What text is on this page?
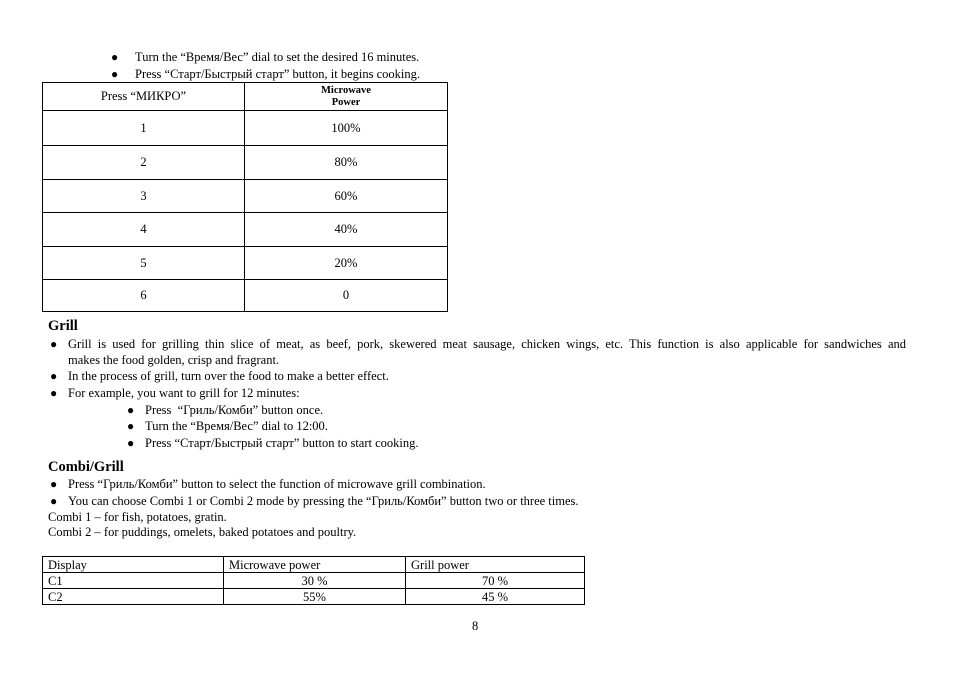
● Turn the “Время/Вес” dial to set the desired 16 minutes.
● Press “Старт/Быстрый старт” button, it begins cooking.
Press “МИКРО”	Microwave
Power

1	100%
2	80%
3	60%
4	40%
5	20%
6	0
Grill
● Grill is used for grilling thin slice of meat, as beef, pork, skewered meat sausage, chicken wings, etc. This function is also applicable for sandwiches and
makes the food golden, crisp and fragrant.
● In the process of grill, turn over the food to make a better effect.
● For example, you want to grill for 12 minutes:
● Press  “Гриль/Комби” button once.
● Turn the “Время/Вес” dial to 12:00.
● Press “Старт/Быстрый старт” button to start cooking.
Combi/Grill
● Press “Гриль/Комби” button to select the function of microwave grill combination.
● You can choose Combi 1 or Combi 2 mode by pressing the “Гриль/Комби” button two or three times.
Combi 1 – for fish, potatoes, gratin.
Combi 2 – for puddings, omelets, baked potatoes and poultry.
Display	Microwave power	Grill power
C1	30 %	70 %
C2	55%	45 %
8
